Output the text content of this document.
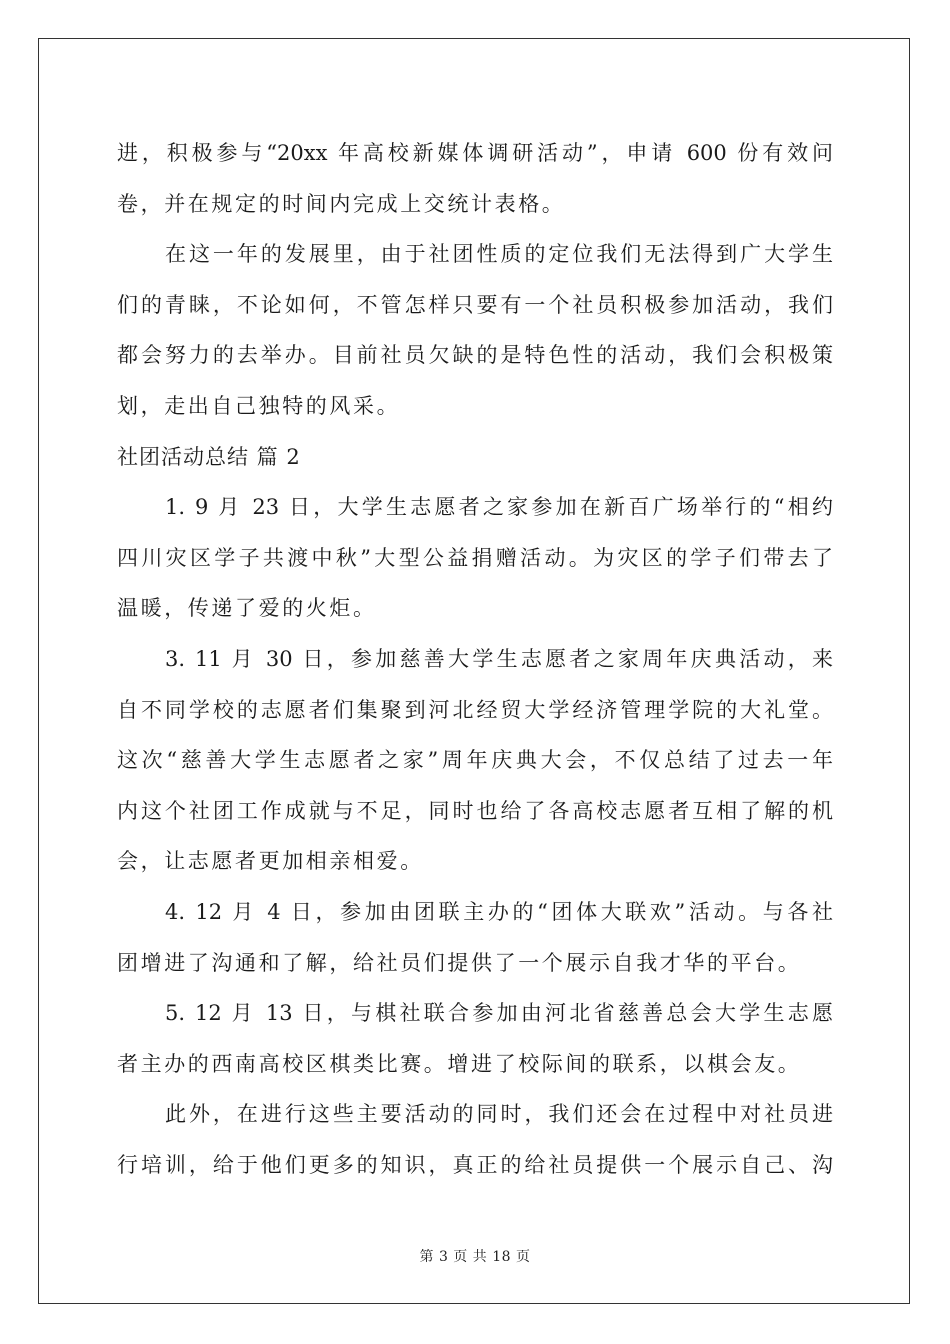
进，积极参与“20xx 年高校新媒体调研活动”，申请 600 份有效问
卷，并在规定的时间内完成上交统计表格。
在这一年的发展里，由于社团性质的定位我们无法得到广大学生
们的青睐，不论如何，不管怎样只要有一个社员积极参加活动，我们
都会努力的去举办。目前社员欠缺的是特色性的活动，我们会积极策
划，走出自己独特的风采。
社团活动总结 篇 2
1. 9 月 23 日，大学生志愿者之家参加在新百广场举行的“相约
四川灾区学子共渡中秋”大型公益捐赠活动。为灾区的学子们带去了
温暖，传递了爱的火炬。
3. 11 月 30 日，参加慈善大学生志愿者之家周年庆典活动，来
自不同学校的志愿者们集聚到河北经贸大学经济管理学院的大礼堂。
这次“慈善大学生志愿者之家”周年庆典大会，不仅总结了过去一年
内这个社团工作成就与不足，同时也给了各高校志愿者互相了解的机
会，让志愿者更加相亲相爱。
4. 12 月 4 日，参加由团联主办的“团体大联欢”活动。与各社
团增进了沟通和了解，给社员们提供了一个展示自我才华的平台。
5. 12 月 13 日，与棋社联合参加由河北省慈善总会大学生志愿
者主办的西南高校区棋类比赛。增进了校际间的联系，以棋会友。
此外，在进行这些主要活动的同时，我们还会在过程中对社员进
行培训，给于他们更多的知识，真正的给社员提供一个展示自己、沟
第 3 页 共 18 页
